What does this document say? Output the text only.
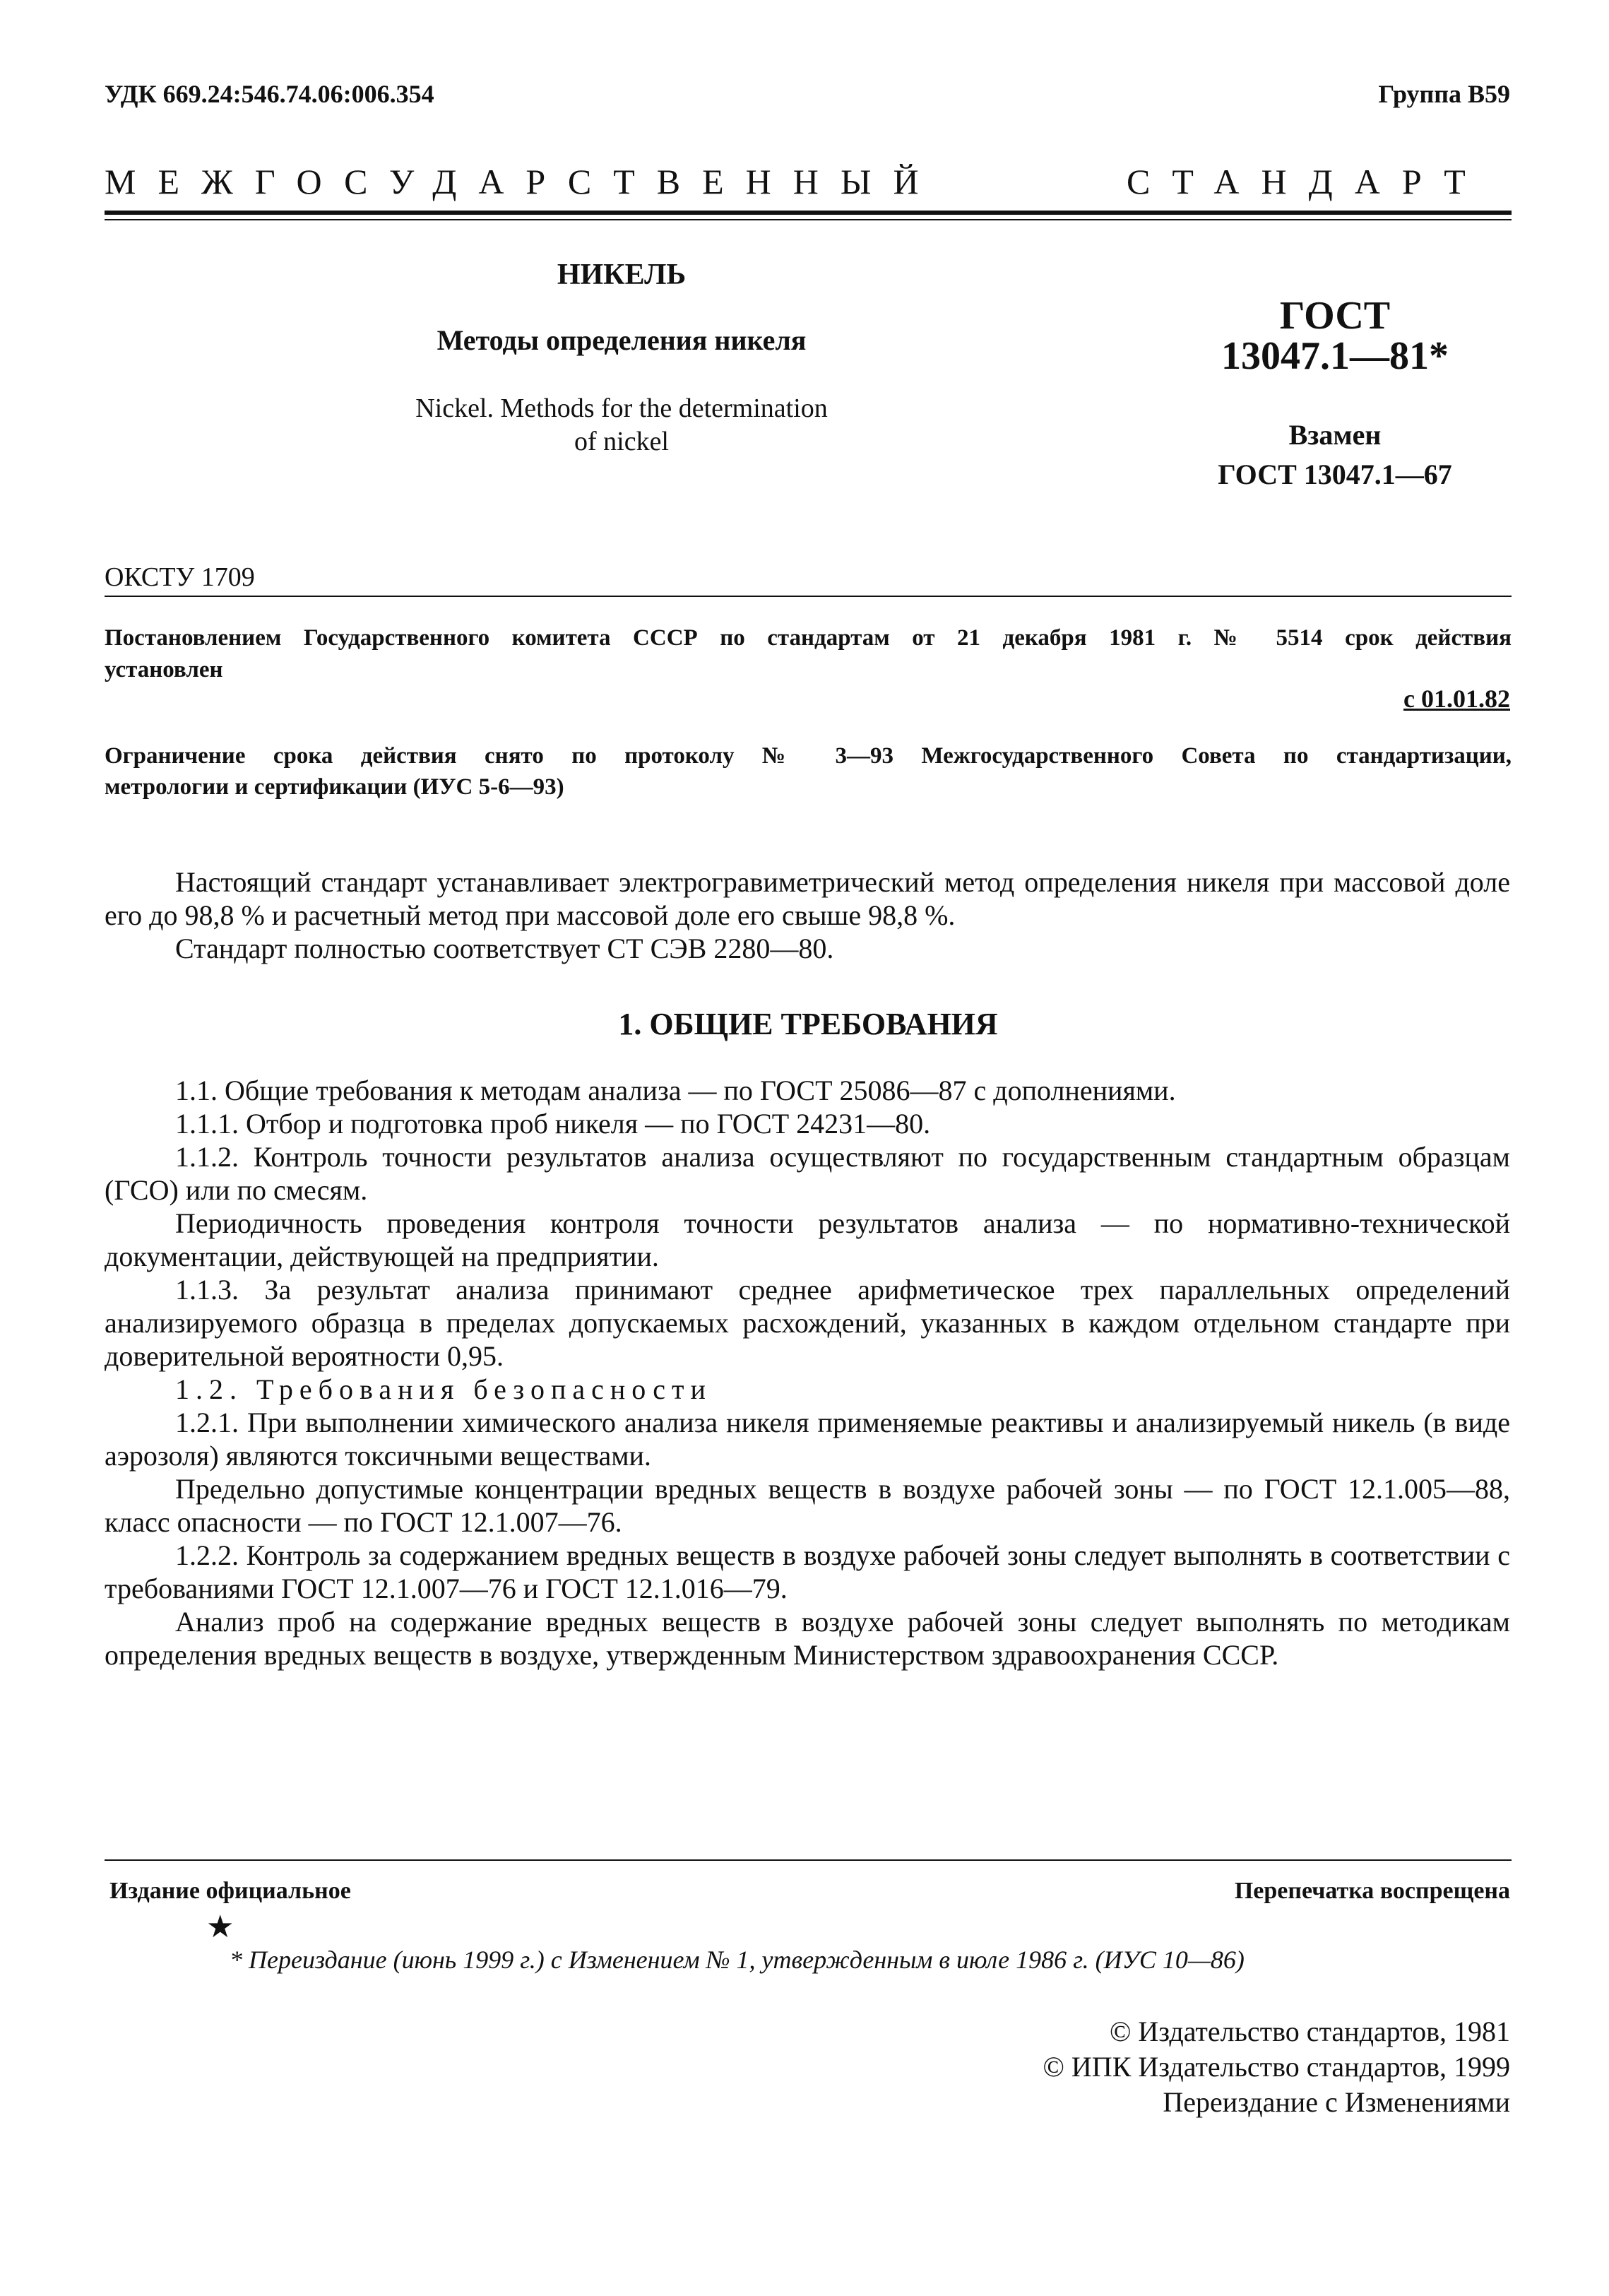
УДК 669.24:546.74.06:006.354	Группа В59
МЕЖГОСУДАРСТВЕННЫЙ	СТАНДАРТ
НИКЕЛЬ
Методы определения никеля
Nickel. Methods for the determination
of nickel
ГОСТ
13047.1—81*
Взамен
ГОСТ 13047.1—67
ОКСТУ 1709
Постановлением Государственного комитета СССР по стандартам от 21 декабря 1981 г. № 5514 срок действия
установлен
с 01.01.82
Ограничение срока действия снято по протоколу № 3—93 Межгосударственного Совета по стандартизации,
метрологии и сертификации (ИУС 5-6—93)
Настоящий стандарт устанавливает электрогравиметрический метод определения никеля при массовой доле его до 98,8 % и расчетный метод при массовой доле его свыше 98,8 %.
Стандарт полностью соответствует СТ СЭВ 2280—80.
1. ОБЩИЕ ТРЕБОВАНИЯ
1.1. Общие требования к методам анализа — по ГОСТ 25086—87 с дополнениями.
1.1.1. Отбор и подготовка проб никеля — по ГОСТ 24231—80.
1.1.2. Контроль точности результатов анализа осуществляют по государственным стандартным образцам (ГСО) или по смесям.
Периодичность проведения контроля точности результатов анализа — по нормативно-технической документации, действующей на предприятии.
1.1.3. За результат анализа принимают среднее арифметическое трех параллельных определений анализируемого образца в пределах допускаемых расхождений, указанных в каждом отдельном стандарте при доверительной вероятности 0,95.
1.2. Требования безопасности
1.2.1. При выполнении химического анализа никеля применяемые реактивы и анализируемый никель (в виде аэрозоля) являются токсичными веществами.
Предельно допустимые концентрации вредных веществ в воздухе рабочей зоны — по ГОСТ 12.1.005—88, класс опасности — по ГОСТ 12.1.007—76.
1.2.2. Контроль за содержанием вредных веществ в воздухе рабочей зоны следует выполнять в соответствии с требованиями ГОСТ 12.1.007—76 и ГОСТ 12.1.016—79.
Анализ проб на содержание вредных веществ в воздухе рабочей зоны следует выполнять по методикам определения вредных веществ в воздухе, утвержденным Министерством здравоохранения СССР.
Издание официальное	Перепечатка воспрещена
★
* Переиздание (июнь 1999 г.) с Изменением № 1, утвержденным в июле 1986 г. (ИУС 10—86)
© Издательство стандартов, 1981
© ИПК Издательство стандартов, 1999
Переиздание с Изменениями
